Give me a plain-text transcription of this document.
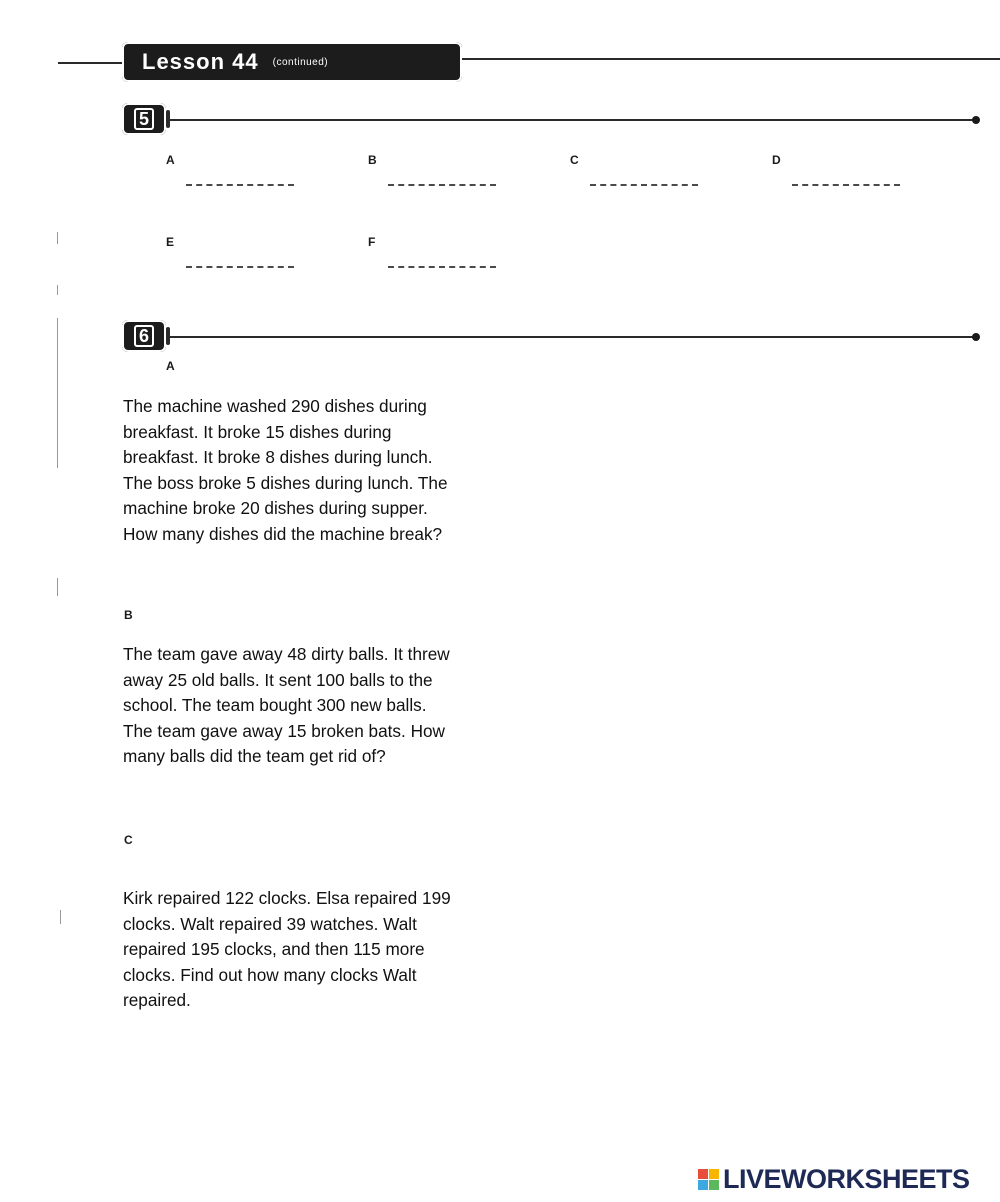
Lesson 44 (continued)
5
A	B	C	D
E	F
6
A
The machine washed 290 dishes during
breakfast. It broke 15 dishes during
breakfast. It broke 8 dishes during lunch.
The boss broke 5 dishes during lunch. The
machine broke 20 dishes during supper.
How many dishes did the machine break?
B
The team gave away 48 dirty balls. It threw
away 25 old balls. It sent 100 balls to the
school. The team bought 300 new balls.
The team gave away 15 broken bats. How
many balls did the team get rid of?
C
Kirk repaired 122 clocks. Elsa repaired 199
clocks. Walt repaired 39 watches. Walt
repaired 195 clocks, and then 115 more
clocks. Find out how many clocks Walt
repaired.
LIVEWORKSHEETS
